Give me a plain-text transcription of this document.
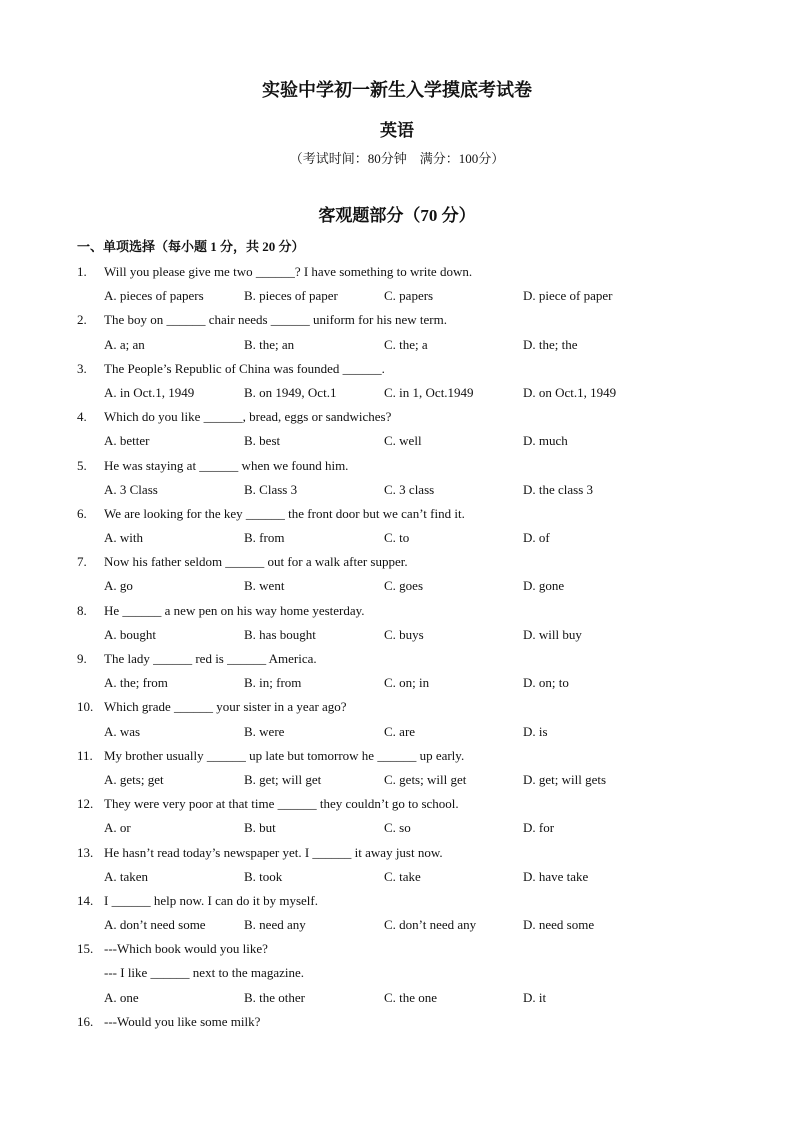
实验中学初一新生入学摸底考试卷
英语
（考试时间：80分钟　满分：100分）
客观题部分（70 分）
一、单项选择（每小题 1 分，共 20 分）
1.	Will you please give me two ______? I have something to write down.
A. pieces of papers	B. pieces of paper	C. papers	D. piece of paper
2.	The boy on ______ chair needs ______ uniform for his new term.
A. a; an	B. the; an	C. the; a	D. the; the
3.	The People’s Republic of China was founded ______.
A. in Oct.1, 1949	B. on 1949, Oct.1	C. in 1, Oct.1949	D. on Oct.1, 1949
4.	Which do you like ______, bread, eggs or sandwiches?
A. better	B. best	C. well	D. much
5.	He was staying at ______ when we found him.
A. 3 Class	B. Class 3	C. 3 class	D. the class 3
6.	We are looking for the key ______ the front door but we can’t find it.
A. with	B. from	C. to	D. of
7.	Now his father seldom ______ out for a walk after supper.
A. go	B. went	C. goes	D. gone
8.	He ______ a new pen on his way home yesterday.
A. bought	B. has bought	C. buys	D. will buy
9.	The lady ______ red is ______ America.
A. the; from	B. in; from	C. on; in	D. on; to
10. Which grade ______ your sister in a year ago?
A. was	B. were	C. are	D. is
11. My brother usually ______ up late but tomorrow he ______ up early.
A. gets; get	B. get; will get	C. gets; will get	D. get; will gets
12. They were very poor at that time ______ they couldn’t go to school.
A. or	B. but	C. so	D. for
13. He hasn’t read today’s newspaper yet. I ______ it away just now.
A. taken	B. took	C. take	D. have take
14. I ______ help now. I can do it by myself.
A. don’t need some	B. need any	C. don’t need any	D. need some
15. ---Which book would you like?
--- I like ______ next to the magazine.
A. one	B. the other	C. the one	D. it
16. ---Would you like some milk?
